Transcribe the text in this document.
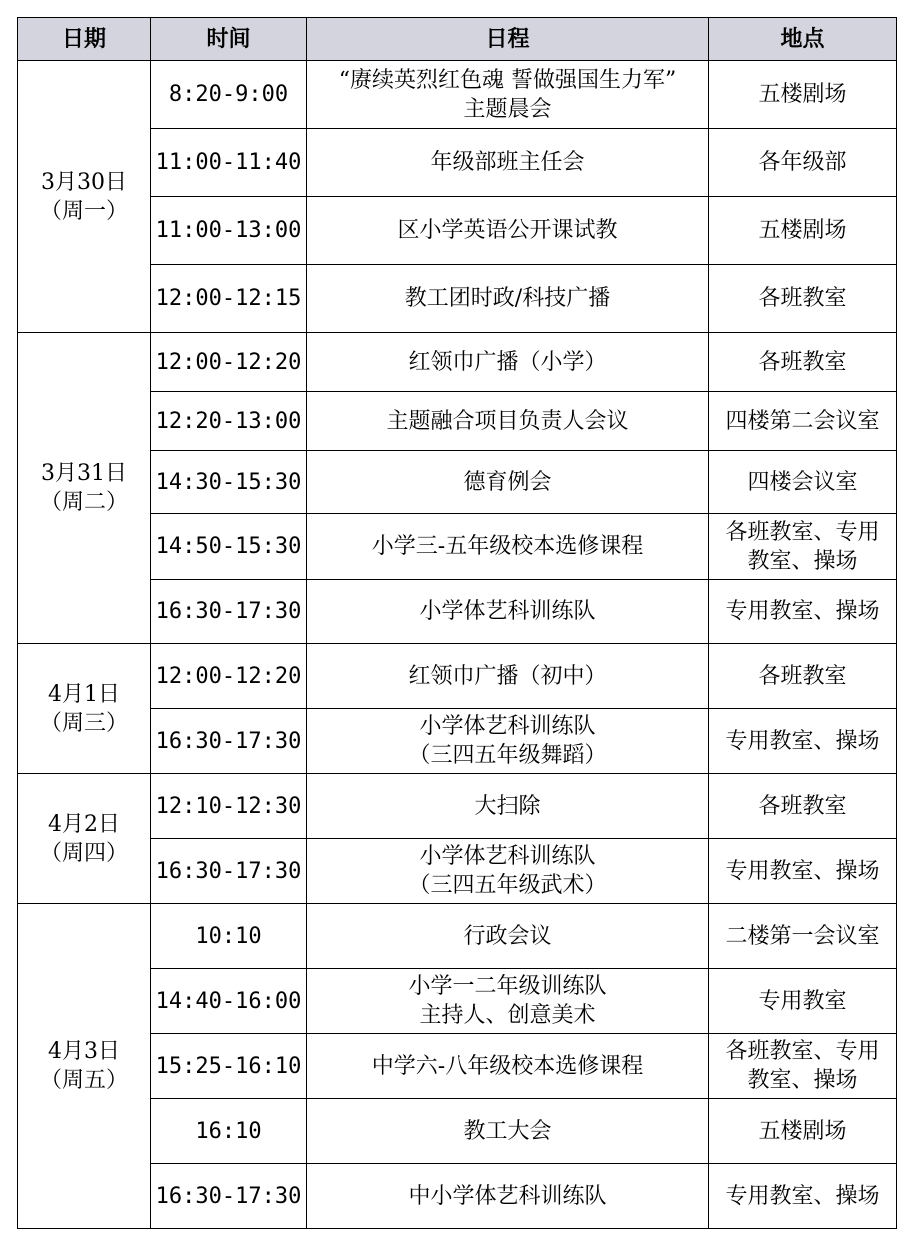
日期	时间	日程	地点

3月30日
（周一）	8:20-9:00	“赓续英烈红色魂 誓做强国生力军”
主题晨会	五楼剧场
	11:00-11:40	年级部班主任会	各年级部
	11:00-13:00	区小学英语公开课试教	五楼剧场
	12:00-12:15	教工团时政/科技广播	各班教室

3月31日
（周二）	12:00-12:20	红领巾广播（小学）	各班教室
	12:20-13:00	主题融合项目负责人会议	四楼第二会议室
	14:30-15:30	德育例会	四楼会议室
	14:50-15:30	小学三-五年级校本选修课程	各班教室、专用
教室、操场

	16:30-17:30	小学体艺科训练队	专用教室、操场

4月1日
（周三）	12:00-12:20	红领巾广播（初中）	各班教室
	16:30-17:30	小学体艺科训练队
（三四五年级舞蹈）	专用教室、操场

4月2日
（周四）	12:10-12:30	大扫除	各班教室
	16:30-17:30	小学体艺科训练队
（三四五年级武术）	专用教室、操场

4月3日
（周五）	10:10	行政会议	二楼第一会议室
	14:40-16:00	小学一二年级训练队
主持人、创意美术	专用教室
	15:25-16:10	中学六-八年级校本选修课程	各班教室、专用
教室、操场

	16:10	教工大会	五楼剧场
	16:30-17:30	中小学体艺科训练队	专用教室、操场
